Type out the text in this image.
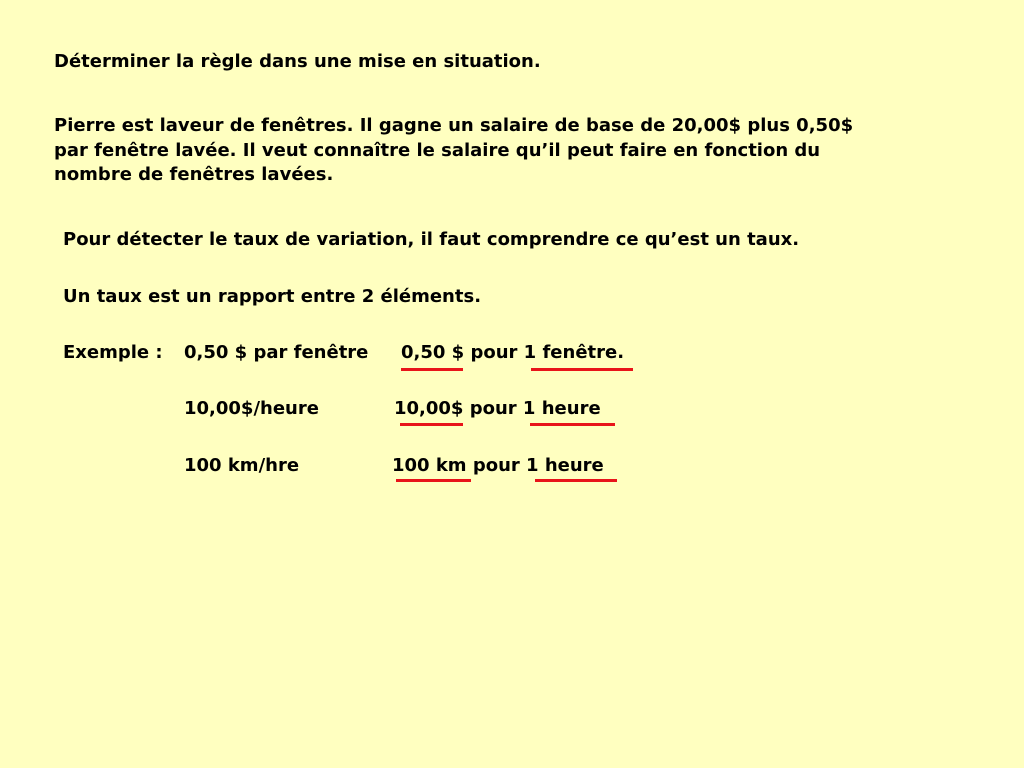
Déterminer la règle dans une mise en situation.
Pierre est laveur de fenêtres. Il gagne un salaire de base de 20,00$ plus 0,50$
par fenêtre lavée. Il veut connaître le salaire qu’il peut faire en fonction du
nombre de fenêtres lavées.
Pour détecter le taux de variation, il faut comprendre ce qu’est un taux.
Un taux est un rapport entre 2 éléments.
Exemple : 0,50 $ par fenêtre 0,50 $ pour 1 fenêtre.
10,00$/heure	10,00$ pour 1 heure
100 km/hre	100 km pour 1 heure
